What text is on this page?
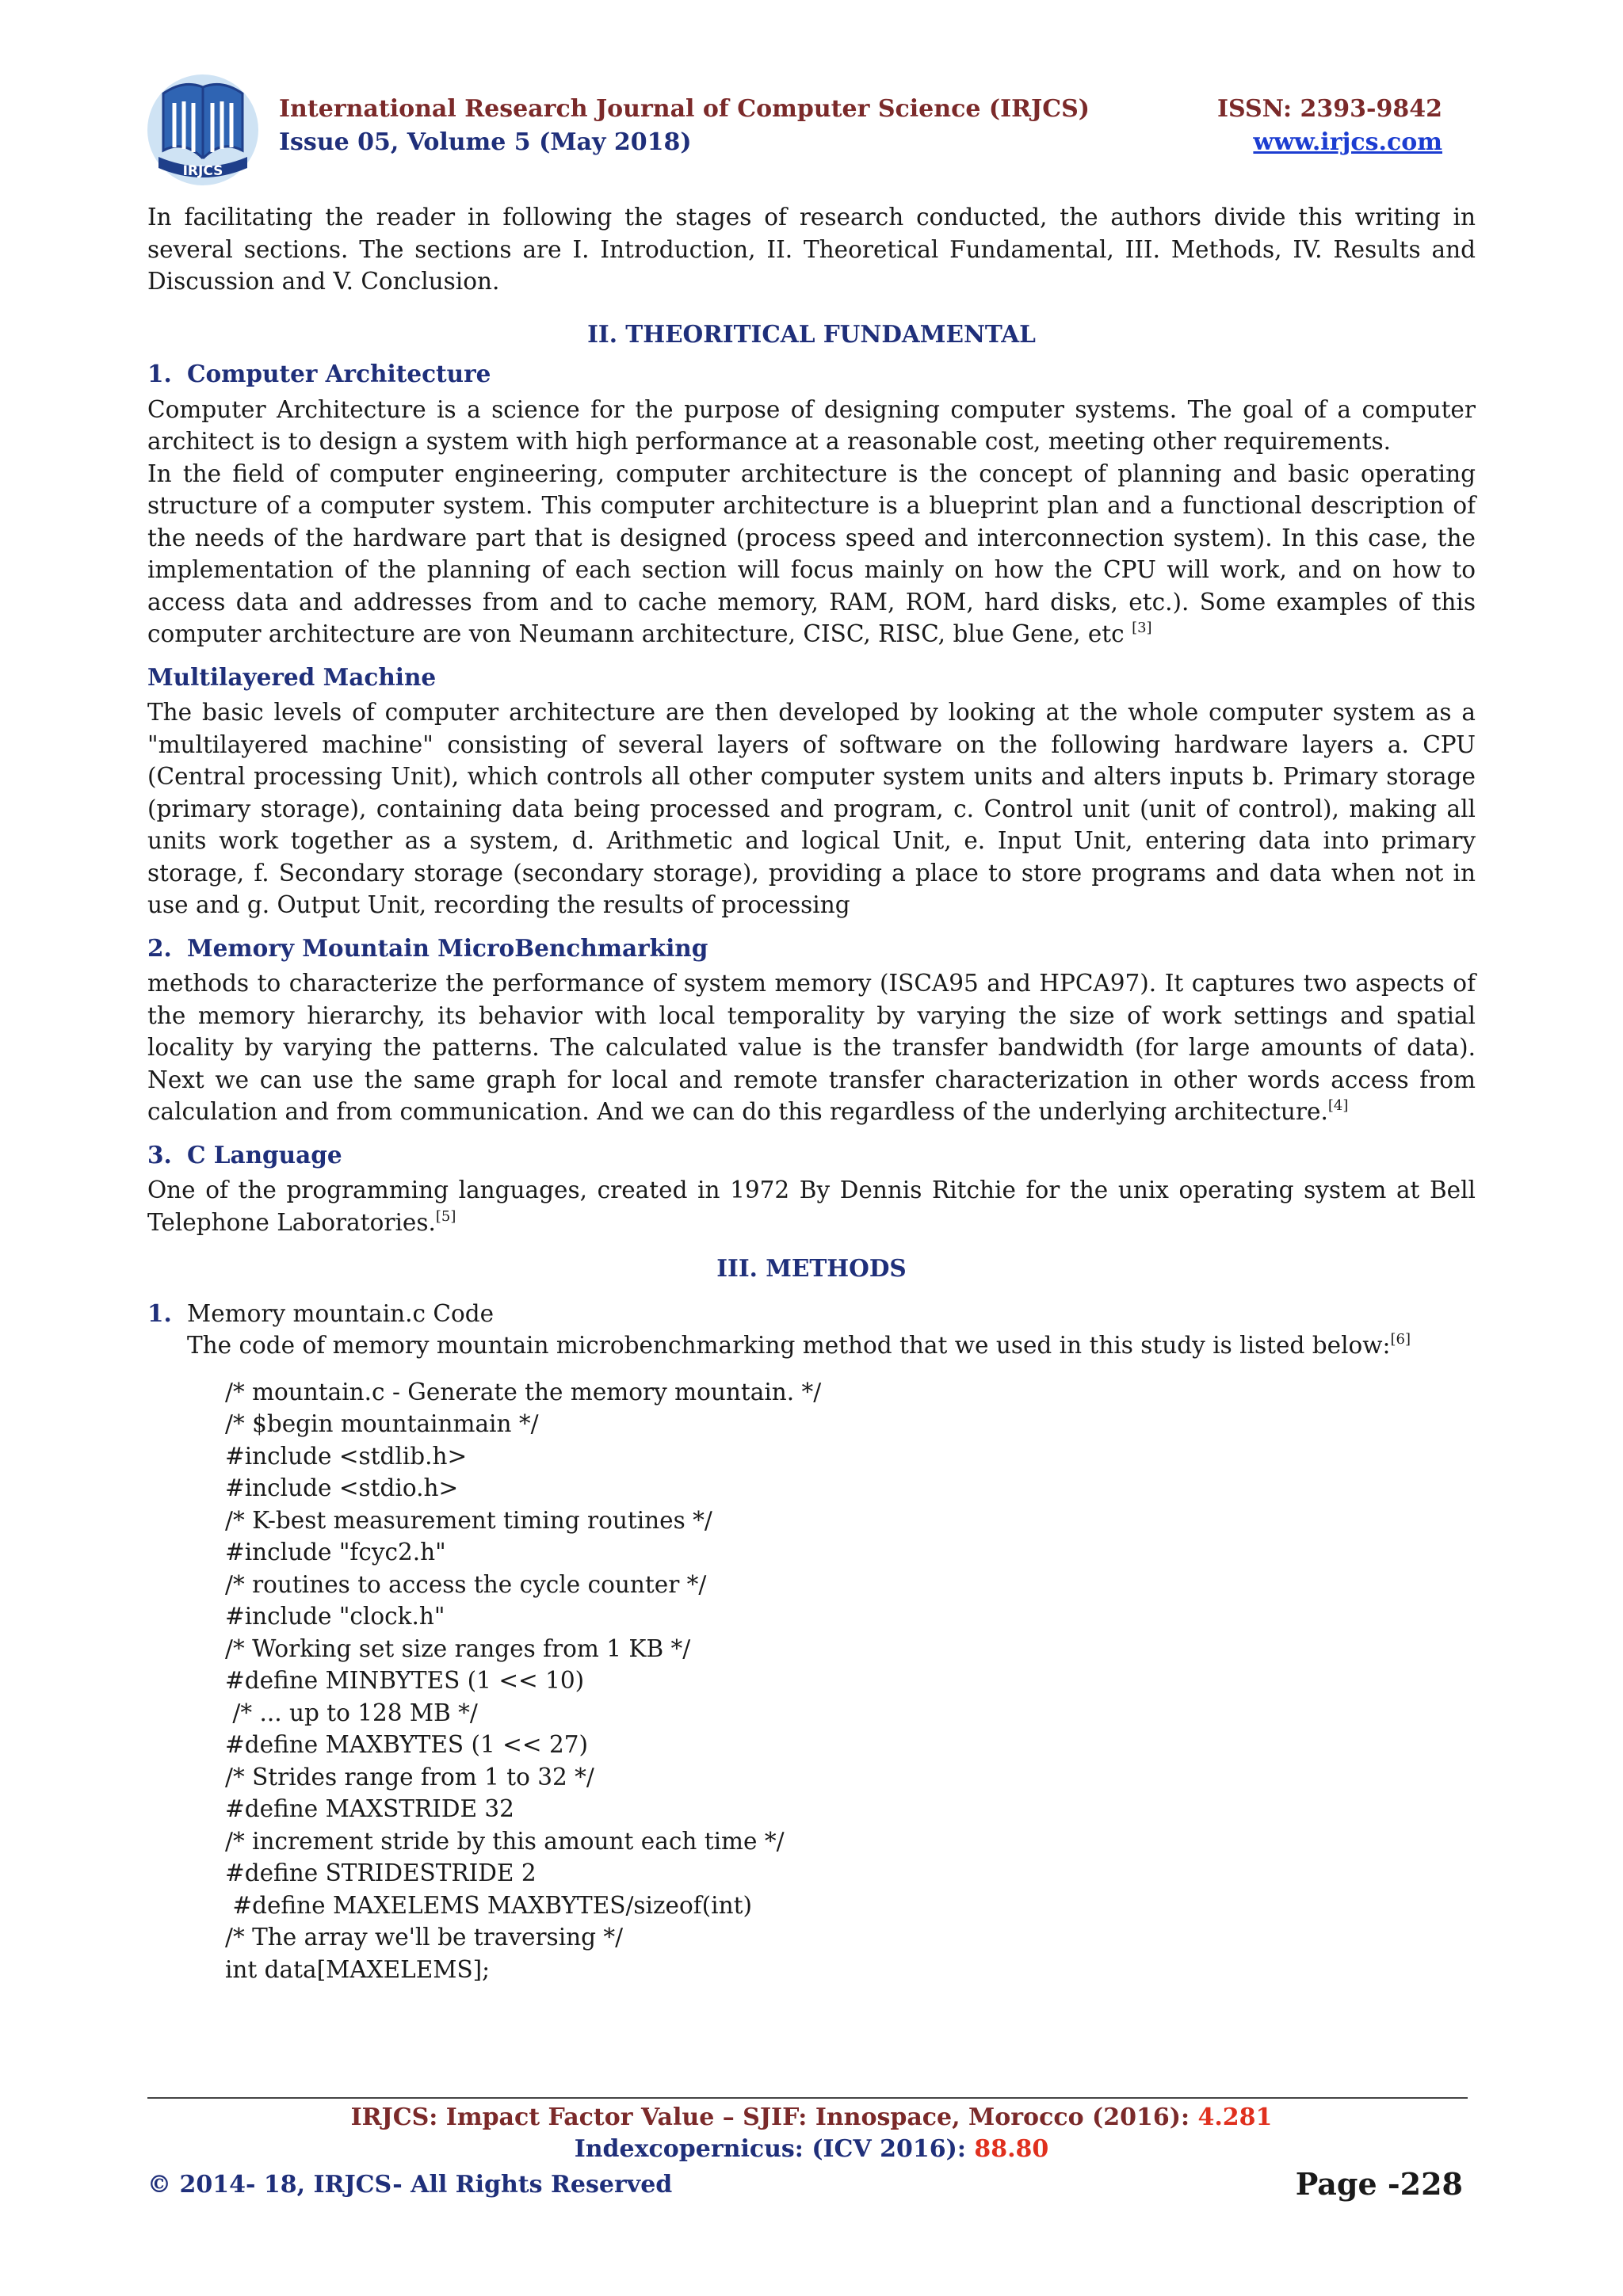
IRJCS
International Research Journal of Computer Science (IRJCS)
Issue 05, Volume 5 (May 2018)
ISSN: 2393-9842
www.irjcs.com

In facilitating the reader in following the stages of research conducted, the authors divide this writing in several sections. The sections are I. Introduction, II. Theoretical Fundamental, III. Methods, IV. Results and Discussion and V. Conclusion.

II. THEORITICAL FUNDAMENTAL
1. Computer Architecture

Computer Architecture is a science for the purpose of designing computer systems. The goal of a computer architect is to design a system with high performance at a reasonable cost, meeting other requirements.

In the field of computer engineering, computer architecture is the concept of planning and basic operating structure of a computer system. This computer architecture is a blueprint plan and a functional description of the needs of the hardware part that is designed (process speed and interconnection system). In this case, the implementation of the planning of each section will focus mainly on how the CPU will work, and on how to access data and addresses from and to cache memory, RAM, ROM, hard disks, etc.). Some examples of this computer architecture are von Neumann architecture, CISC, RISC, blue Gene, etc [3]

Multilayered Machine

The basic levels of computer architecture are then developed by looking at the whole computer system as a "multilayered machine" consisting of several layers of software on the following hardware layers a. CPU (Central processing Unit), which controls all other computer system units and alters inputs b. Primary storage (primary storage), containing data being processed and program, c. Control unit (unit of control), making all units work together as a system, d. Arithmetic and logical Unit, e. Input Unit, entering data into primary storage, f. Secondary storage (secondary storage), providing a place to store programs and data when not in use and g. Output Unit, recording the results of processing

2. Memory Mountain MicroBenchmarking

methods to characterize the performance of system memory (ISCA95 and HPCA97). It captures two aspects of the memory hierarchy, its behavior with local temporality by varying the size of work settings and spatial locality by varying the patterns. The calculated value is the transfer bandwidth (for large amounts of data). Next we can use the same graph for local and remote transfer characterization in other words access from calculation and from communication. And we can do this regardless of the underlying architecture.[4]

3. C Language

One of the programming languages, created in 1972 By Dennis Ritchie for the unix operating system at Bell Telephone Laboratories.[5]

III. METHODS
1. Memory mountain.c Code

The code of memory mountain microbenchmarking method that we used in this study is listed below:[6]

/* mountain.c - Generate the memory mountain. */
/* $begin mountainmain */
#include <stdlib.h>
#include <stdio.h>
/* K-best measurement timing routines */
#include "fcyc2.h"
/* routines to access the cycle counter */
#include "clock.h"
/* Working set size ranges from 1 KB */
#define MINBYTES (1 << 10)
/* ... up to 128 MB */
#define MAXBYTES (1 << 27)
/* Strides range from 1 to 32 */
#define MAXSTRIDE 32
/* increment stride by this amount each time */
#define STRIDESTRIDE 2
#define MAXELEMS MAXBYTES/sizeof(int)
/* The array we'll be traversing */
int data[MAXELEMS];
IRJCS: Impact Factor Value – SJIF: Innospace, Morocco (2016): 4.281
Indexcopernicus: (ICV 2016): 88.80
© 2014- 18, IRJCS- All Rights Reserved	Page -228
